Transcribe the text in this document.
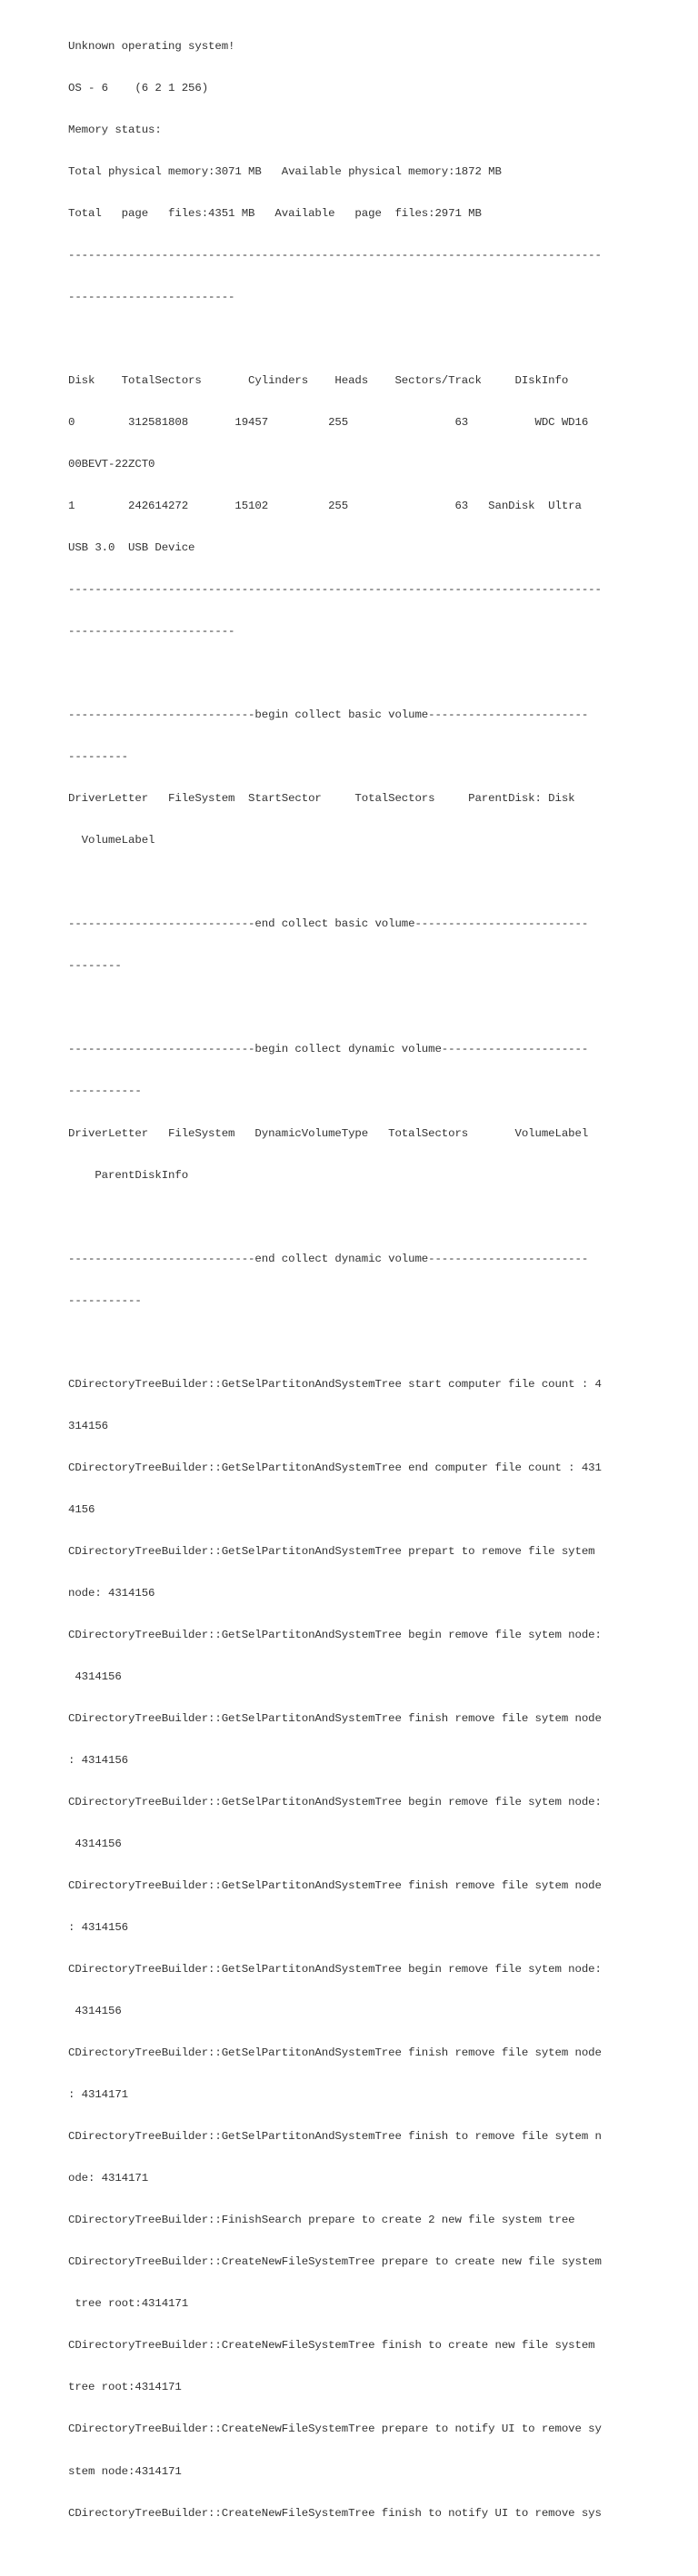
Unknown operating system!

OS - 6    (6 2 1 256)

Memory status:

Total physical memory:3071 MB   Available physical memory:1872 MB

Total   page   files:4351 MB   Available   page  files:2971 MB

--------------------------------------------------------------------------------

-------------------------

Disk    TotalSectors       Cylinders    Heads    Sectors/Track     DIskInfo

0        312581808       19457         255                63          WDC WD16

00BEVT-22ZCT0

1        242614272       15102         255                63   SanDisk  Ultra

USB 3.0  USB Device

--------------------------------------------------------------------------------

-------------------------

----------------------------begin collect basic volume------------------------

---------

DriverLetter   FileSystem  StartSector     TotalSectors     ParentDisk: Disk

VolumeLabel

----------------------------end collect basic volume--------------------------

--------

----------------------------begin collect dynamic volume----------------------

-----------

DriverLetter   FileSystem   DynamicVolumeType   TotalSectors       VolumeLabel

ParentDiskInfo

----------------------------end collect dynamic volume------------------------

-----------

CDirectoryTreeBuilder::GetSelPartitonAndSystemTree start computer file count : 4

314156

CDirectoryTreeBuilder::GetSelPartitonAndSystemTree end computer file count : 431

4156

CDirectoryTreeBuilder::GetSelPartitonAndSystemTree prepart to remove file sytem

node: 4314156

CDirectoryTreeBuilder::GetSelPartitonAndSystemTree begin remove file sytem node:

4314156

CDirectoryTreeBuilder::GetSelPartitonAndSystemTree finish remove file sytem node

: 4314156

CDirectoryTreeBuilder::GetSelPartitonAndSystemTree begin remove file sytem node:

4314156

CDirectoryTreeBuilder::GetSelPartitonAndSystemTree finish remove file sytem node

: 4314156

CDirectoryTreeBuilder::GetSelPartitonAndSystemTree begin remove file sytem node:

4314156

CDirectoryTreeBuilder::GetSelPartitonAndSystemTree finish remove file sytem node

: 4314171

CDirectoryTreeBuilder::GetSelPartitonAndSystemTree finish to remove file sytem n

ode: 4314171

CDirectoryTreeBuilder::FinishSearch prepare to create 2 new file system tree

CDirectoryTreeBuilder::CreateNewFileSystemTree prepare to create new file system

tree root:4314171

CDirectoryTreeBuilder::CreateNewFileSystemTree finish to create new file system

tree root:4314171

CDirectoryTreeBuilder::CreateNewFileSystemTree prepare to notify UI to remove sy

stem node:4314171

CDirectoryTreeBuilder::CreateNewFileSystemTree finish to notify UI to remove sys
